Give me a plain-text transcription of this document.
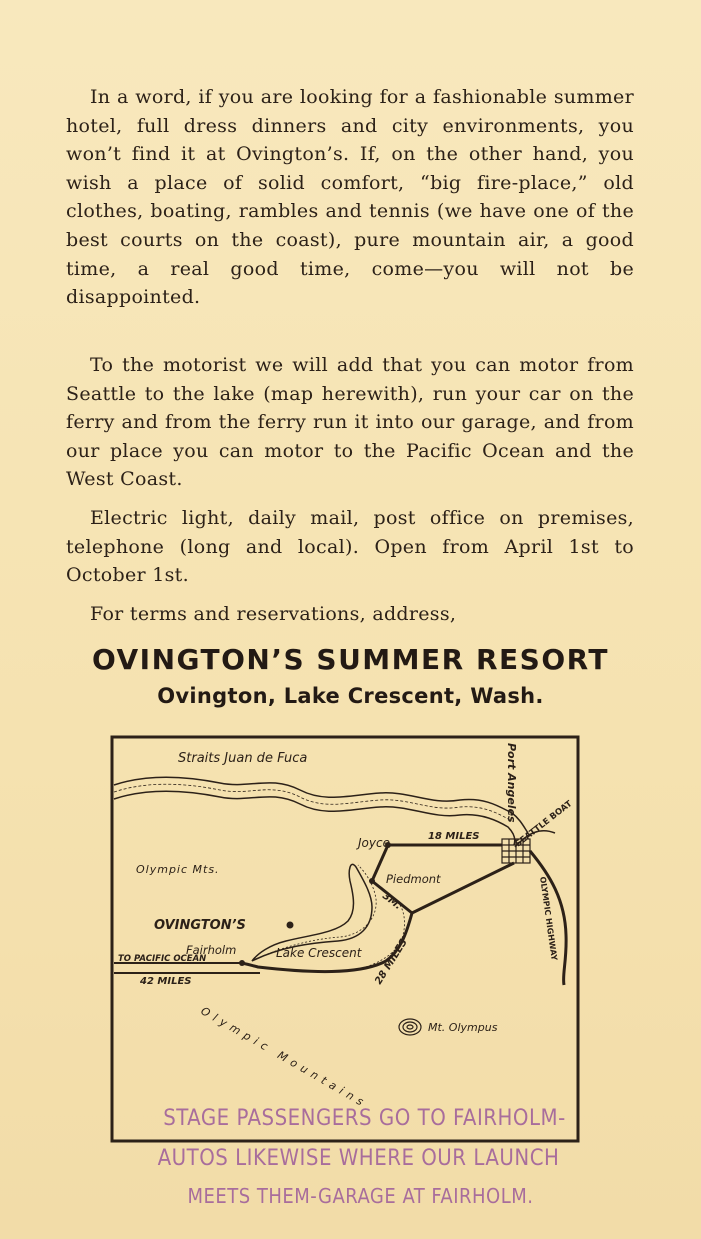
In a word, if you are looking for a fashionable summer hotel, full dress dinners and city environments, you won’t find it at Ovington’s. If, on the other hand, you wish a place of solid comfort, “big fire-place,” old clothes, boating, rambles and tennis (we have one of the best courts on the coast), pure mountain air, a good time, a real good time, come—you will not be disappointed.

To the motorist we will add that you can motor from Seattle to the lake (map herewith), run your car on the ferry and from the ferry run it into our garage, and from our place you can motor to the Pacific Ocean and the West Coast.

Electric light, daily mail, post office on premises, telephone (long and local). Open from April 1st to October 1st.

For terms and reservations, address,

OVINGTON’S SUMMER RESORT
Ovington, Lake Crescent, Wash.
Straits Juan de Fuca	Port Angeles
SEATTLE BOAT
Joyce	18 MILES
Piedmont
3M.	OLYMPIC HIGHWAY
Lake Crescent 28 MILES
OVINGTON’S
Fairholm
TO PACIFIC OCEAN
42 MILES
Olympic Mts.
Olympic Mountains	Mt. Olympus

STAGE PASSENGERS GO TO FAIRHOLM-

AUTOS LIKEWISE WHERE OUR LAUNCH

MEETS THEM-GARAGE AT FAIRHOLM.
